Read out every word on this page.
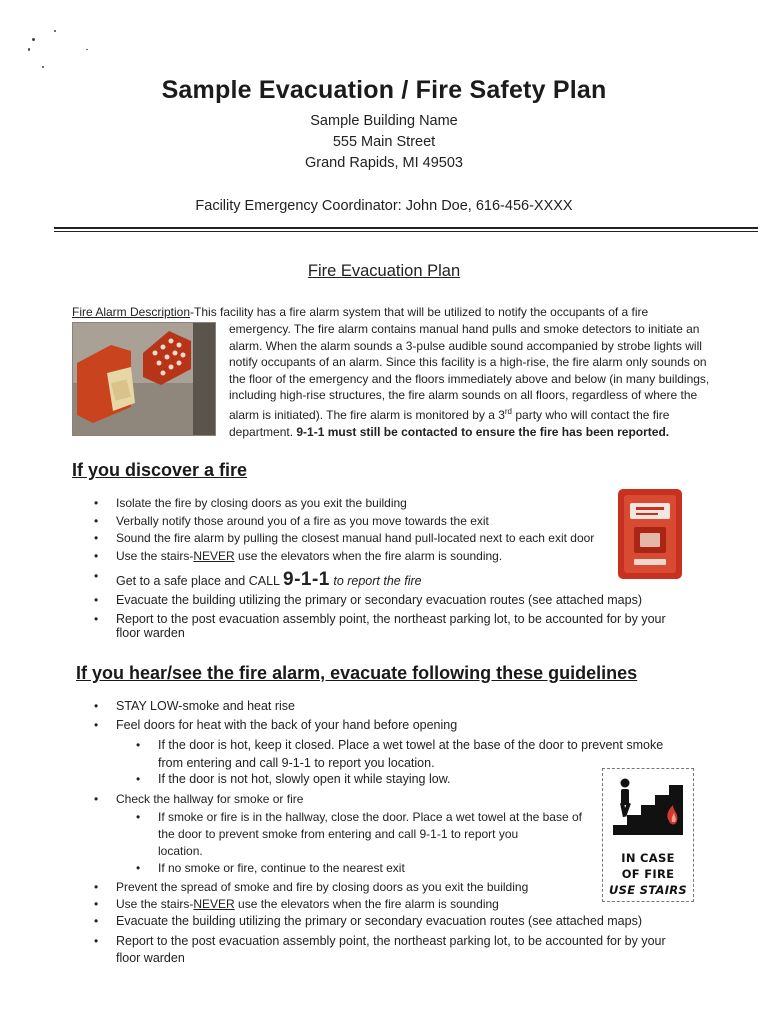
Sample Evacuation / Fire Safety Plan
Sample Building Name
555 Main Street
Grand Rapids, MI 49503
Facility Emergency Coordinator: John Doe, 616-456-XXXX
Fire Evacuation Plan
Fire Alarm Description-This facility has a fire alarm system that will be utilized to notify the occupants of a fire
emergency. The fire alarm contains manual hand pulls and smoke detectors to initiate an
alarm. When the alarm sounds a 3-pulse audible sound accompanied by strobe lights will
notify occupants of an alarm. Since this facility is a high-rise, the fire alarm only sounds on
the floor of the emergency and the floors immediately above and below (in many buildings,
including high-rise structures, the fire alarm sounds on all floors, regardless of where the
alarm is initiated). The fire alarm is monitored by a 3rd party who will contact the fire
department. 9-1-1 must still be contacted to ensure the fire has been reported.
If you discover a fire
• Isolate the fire by closing doors as you exit the building
• Verbally notify those around you of a fire as you move towards the exit
• Sound the fire alarm by pulling the closest manual hand pull-located next to each exit door
• Use the stairs-NEVER use the elevators when the fire alarm is sounding.
• Get to a safe place and CALL 9-1-1 to report the fire
• Evacuate the building utilizing the primary or secondary evacuation routes (see attached maps)
• Report to the post evacuation assembly point, the northeast parking lot, to be accounted for by your
floor warden
If you hear/see the fire alarm, evacuate following these guidelines
• STAY LOW-smoke and heat rise
• Feel doors for heat with the back of your hand before opening
• If the door is hot, keep it closed. Place a wet towel at the base of the door to prevent smoke
from entering and call 9-1-1 to report you location.
• If the door is not hot, slowly open it while staying low.
• Check the hallway for smoke or fire
• If smoke or fire is in the hallway, close the door. Place a wet towel at the base of
the door to prevent smoke from entering and call 9-1-1 to report you
location.
• If no smoke or fire, continue to the nearest exit
• Prevent the spread of smoke and fire by closing doors as you exit the building
• Use the stairs-NEVER use the elevators when the fire alarm is sounding
• Evacuate the building utilizing the primary or secondary evacuation routes (see attached maps)
• Report to the post evacuation assembly point, the northeast parking lot, to be accounted for by your
floor warden
IN CASE
OF FIRE
USE STAIRS
